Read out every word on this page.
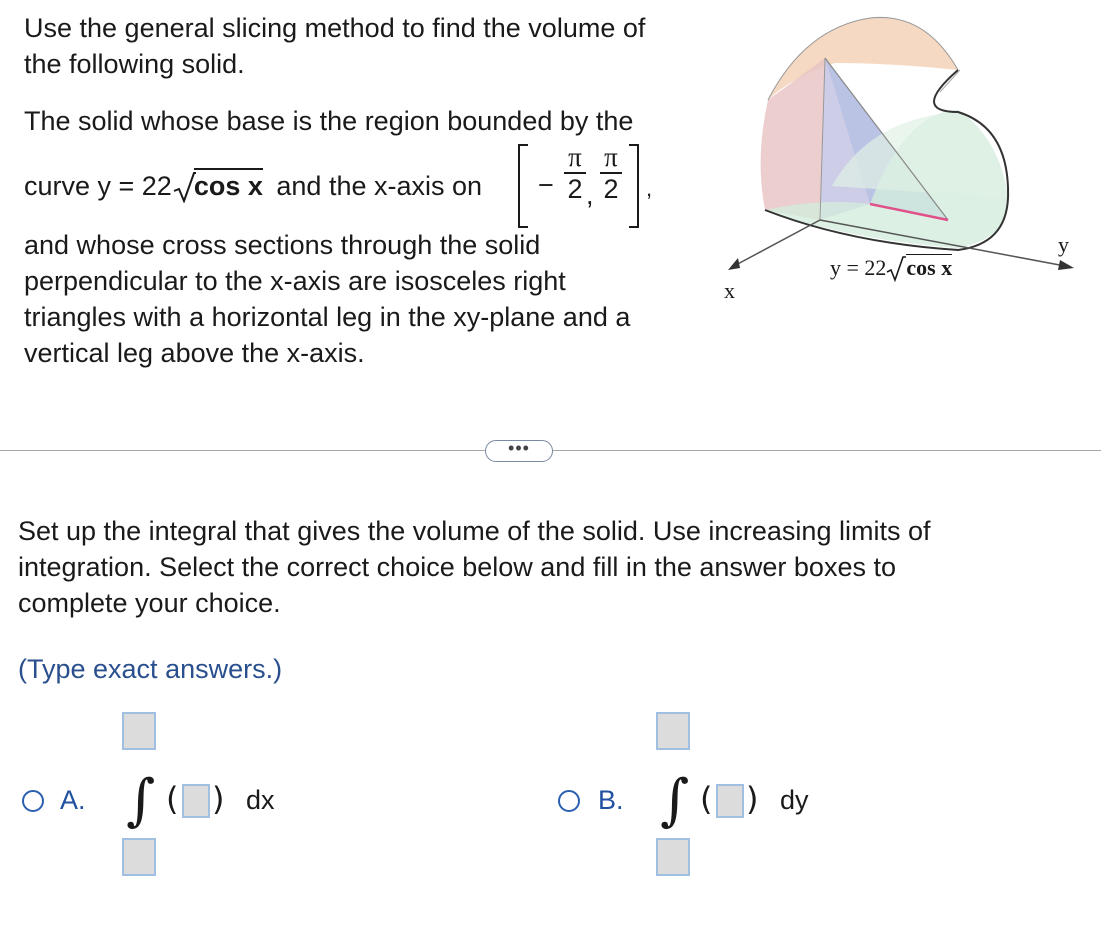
Use the general slicing method to find the volume of
the following solid.
The solid whose base is the region bounded by the
curve y = 22 cos x and the x-axis on −
π
2 ,
π
2 ,
and whose cross sections through the solid
perpendicular to the x-axis are isosceles right
triangles with a horizontal leg in the xy-plane and a
vertical leg above the x-axis.
x
y
y = 22 cos x
•••
Set up the integral that gives the volume of the solid. Use increasing limits of
integration. Select the correct choice below and fill in the answer boxes to
complete your choice.
(Type exact answers.)
A. ∫ ( ) dx	B. ∫ ( ) dy
